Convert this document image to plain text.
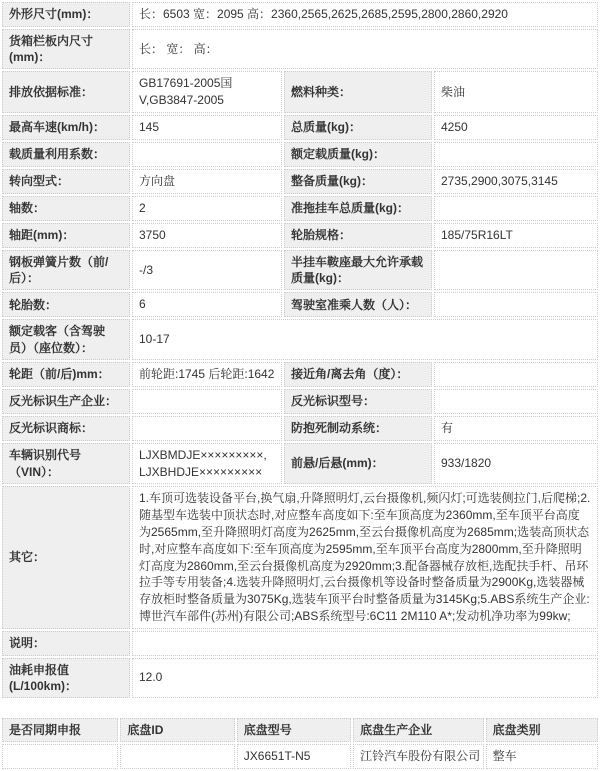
外形尺寸(mm)：	长：6503 宽：2095 高：2360,2565,2625,2685,2595,2800,2860,2920		
货箱栏板内尺寸(mm)：	长： 宽： 高：		
排放依据标准：	GB17691-2005国V,GB3847-2005	燃料种类：	柴油
最高车速(km/h)：	145	总质量(kg)：	4250
载质量利用系数：		额定载质量(kg)：	
转向型式：	方向盘	整备质量(kg)：	2735,2900,3075,3145
轴数：	2	准拖挂车总质量(kg)：	
轴距(mm)：	3750	轮胎规格：	185/75R16LT
钢板弹簧片数（前/后）：	-/3	半挂车鞍座最大允许承载质量(kg)：	
轮胎数：	6	驾驶室准乘人数（人）：	
额定载客（含驾驶员）（座位数）：	10-17		
轮距（前/后)mm：	前轮距:1745 后轮距:1642	接近角/离去角（度）：	
反光标识生产企业：		反光标识型号：	
反光标识商标：		防抱死制动系统：	有
车辆识别代号（VIN）：	LJXBMDJE×××××××××, LJXBHDJE×××××××××	前悬/后悬(mm)：	933/1820
其它：	1.车顶可选装设备平台,换气扇,升降照明灯,云台摄像机,频闪灯;可选装侧拉门,后爬梯;2.随基型车选装中顶状态时,对应整车高度如下:至车顶高度为2360mm,至车顶平台高度为2565mm,至升降照明灯高度为2625mm,至云台摄像机高度为2685mm;选装高顶状态时,对应整车高度如下:至车顶高度为2595mm,至车顶平台高度为2800mm,至升降照明灯高度为2860mm,至云台摄像机高度为2920mm;3.配备器械存放柜,选配扶手杆、吊环拉手等专用装备;4.选装升降照明灯,云台摄像机等设备时整备质量为2900Kg,选装器械存放柜时整备质量为3075Kg,选装车顶平台时整备质量为3145Kg;5.ABS系统生产企业:博世汽车部件(苏州)有限公司;ABS系统型号:6C11 2M110 A*;发动机净功率为99kw;		
说明：			
油耗申报值(L/100km)：	12.0		
是否同期申报	底盘ID	底盘型号	底盘生产企业	底盘类别
		JX6651T-N5	江铃汽车股份有限公司	整车
